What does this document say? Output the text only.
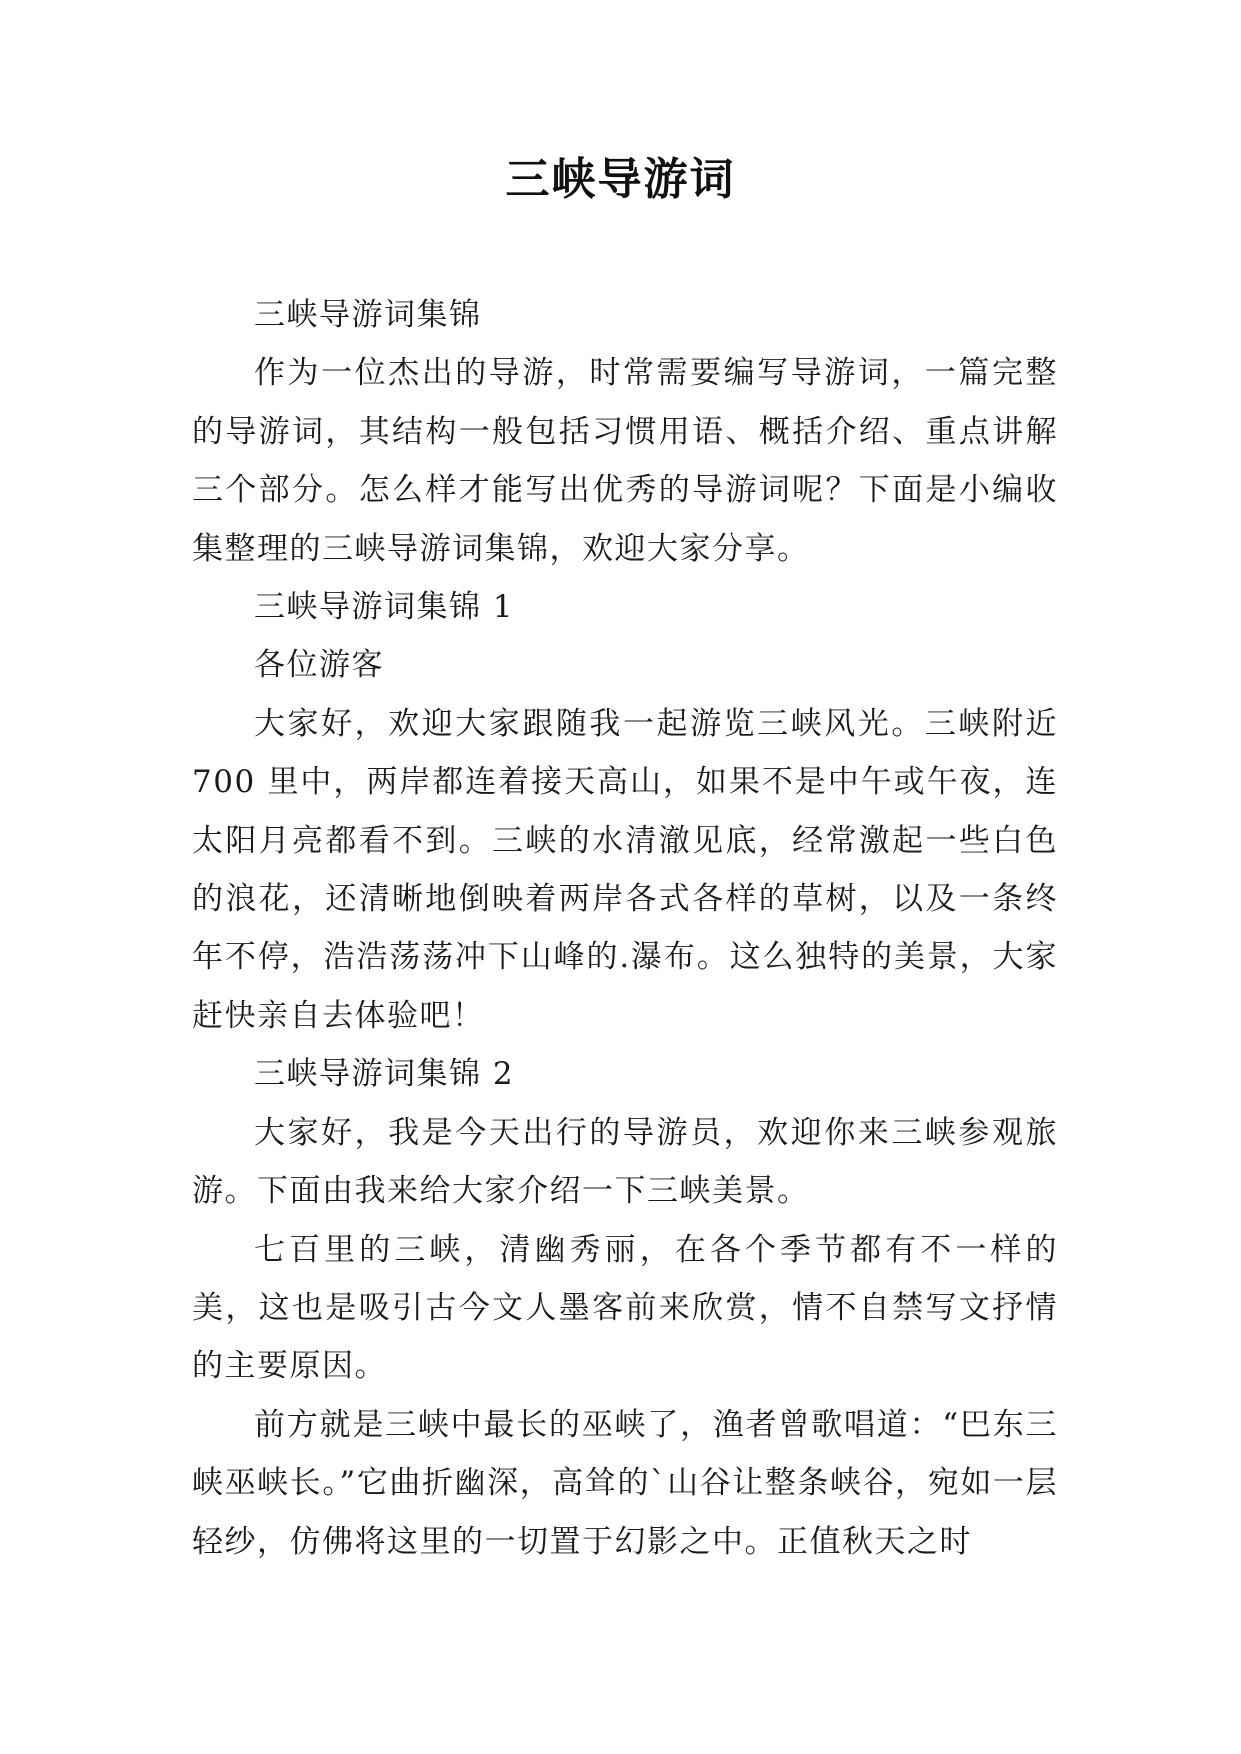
三峡导游词

三峡导游词集锦

作为一位杰出的导游，时常需要编写导游词，一篇完整的导游词，其结构一般包括习惯用语、概括介绍、重点讲解三个部分。怎么样才能写出优秀的导游词呢？下面是小编收集整理的三峡导游词集锦，欢迎大家分享。

三峡导游词集锦 1

各位游客

大家好，欢迎大家跟随我一起游览三峡风光。三峡附近 700 里中，两岸都连着接天高山，如果不是中午或午夜，连太阳月亮都看不到。三峡的水清澈见底，经常激起一些白色的浪花，还清晰地倒映着两岸各式各样的草树，以及一条终年不停，浩浩荡荡冲下山峰的.瀑布。这么独特的美景，大家赶快亲自去体验吧！

三峡导游词集锦 2

大家好，我是今天出行的导游员，欢迎你来三峡参观旅游。下面由我来给大家介绍一下三峡美景。

七百里的三峡，清幽秀丽，在各个季节都有不一样的美，这也是吸引古今文人墨客前来欣赏，情不自禁写文抒情的主要原因。

前方就是三峡中最长的巫峡了，渔者曾歌唱道：“巴东三峡巫峡长。”它曲折幽深，高耸的`山谷让整条峡谷，宛如一层轻纱，仿佛将这里的一切置于幻影之中。正值秋天之时
